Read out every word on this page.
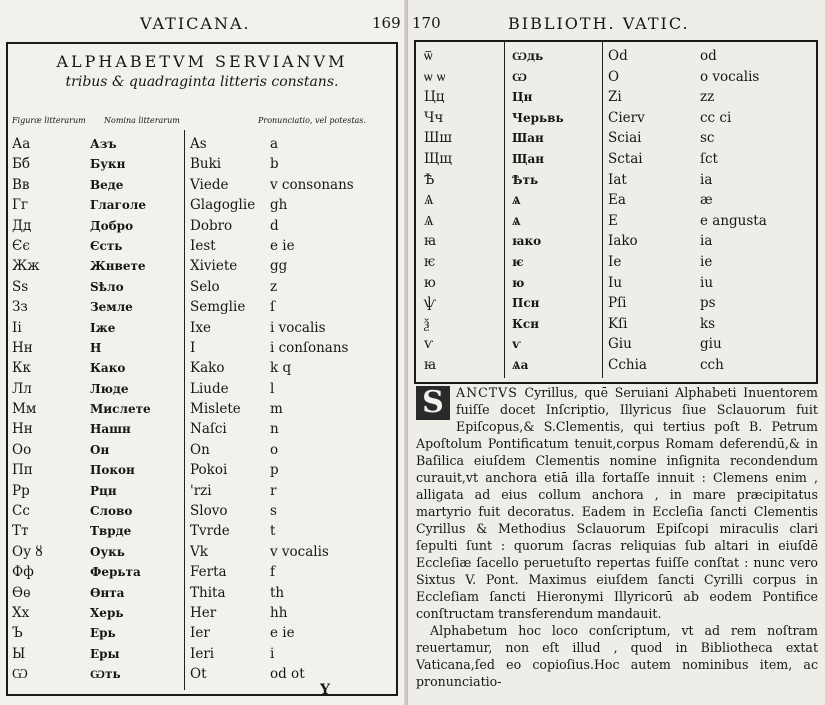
VATICANA.	169
ALPHABETVM SERVIANVM
tribus & quadraginta litteris constans.
Figuræ litterarum Nomina litterarum	Pronunciatio, vel potestas.
Аа	Азъ	As	a
Бб	Букн	Buki	b
Вв	Веде	Viede	v consonans
Гг	Глаголе	Glagoglie gh
Дд	Добро	Dobro	d
Єє	Єсть	Iest	e ie
Жж	Жнвете	Xiviete gg
Ѕѕ	Ѕѣло	Selo	z
Зз	Земле	Semglie ſ
Іі	Іже	Ixe	i vocalis
Нн	Н	I	i conſonans
Кк	Како	Kako	k q
Лл	Люде	Liude	l
Мм	Мислете	Mislete m
Нн	Нашн	Naſci	n
Оо	Он	On	o
Пп	Покон	Pokoi	p
Рр	Рцн	'rzi	r
Сс	Слово	Slovo	s
Тт	Тврде	Tvrde	t
Оу ȣ	Оукь	Vk	v vocalis
Фф	Ферьта	Ferta	f
Ѳѳ	Ѳнта	Thita	th
Хх	Херь	Her	hh
Ъ	Ерь	Ier	e ie
Ы	Еры	Ieri	i
Ѡ	Ѡть	Ot	od ot
Y
170	BIBLIOTH. VATIC.
ѿ	Ѡдь	Od	od
ѡ ѡ	Ѡ	O	o vocalis
Цц	Цн	Zi	zz
Чч	Черьвь	Cierv	cc ci
Шш	Шан	Sciai	sc
Щщ	Щан	Sctai	ſct
Ѣ	Ѣть	Iat	ia
Ѧ	Ѧ	Ea	æ
Ѧ	Ѧ	E	e angusta
ꙗ	ꙗко	Iako	ia
ѥ	ѥ	Ie	ie
ю	ю	Iu	iu
ѱ	Псн	Pſi	ps
ѯ	Ксн	Kſi	ks
ѵ	ѵ	Giu	giu
ꙗ	Ѧа	Cchia	cch

S ANCTVS Cyrillus, quē Seruiani Alphabeti Inuentorem fuiſſe docet Inſcriptio, Illyricus ſiue Sclauorum fuit Epiſcopus,& S.Clementis, qui tertius poſt B. Petrum Apoſtolum Pontificatum tenuit,corpus Romam deferendū,& in Baſilica eiuſdem Clementis nomine inſignita recondendum curauit,vt anchora etiā illa fortaſſe innuit : Clemens enim , alligata ad eius collum anchora , in mare præcipitatus martyrio fuit decoratus. Eadem in Eccleſia ſancti Clementis Cyrillus & Methodius Sclauorum Epiſcopi miraculis clari ſepulti ſunt : quorum ſacras reliquias ſub altari in eiuſdē Eccleſiæ ſacello peruetuſto repertas fuiſſe conſtat : nunc vero Sixtus V. Pont. Maximus eiuſdem ſancti Cyrilli corpus in Eccleſiam ſancti Hieronymi Illyricorū ab eodem Pontifice conſtructam transferendum mandauit.

Alphabetum hoc loco conſcriptum, vt ad rem noſtram reuertamur, non eſt illud , quod in Bibliotheca extat Vaticana,ſed eo copioſius.Hoc autem nominibus item, ac pronunciatio-
